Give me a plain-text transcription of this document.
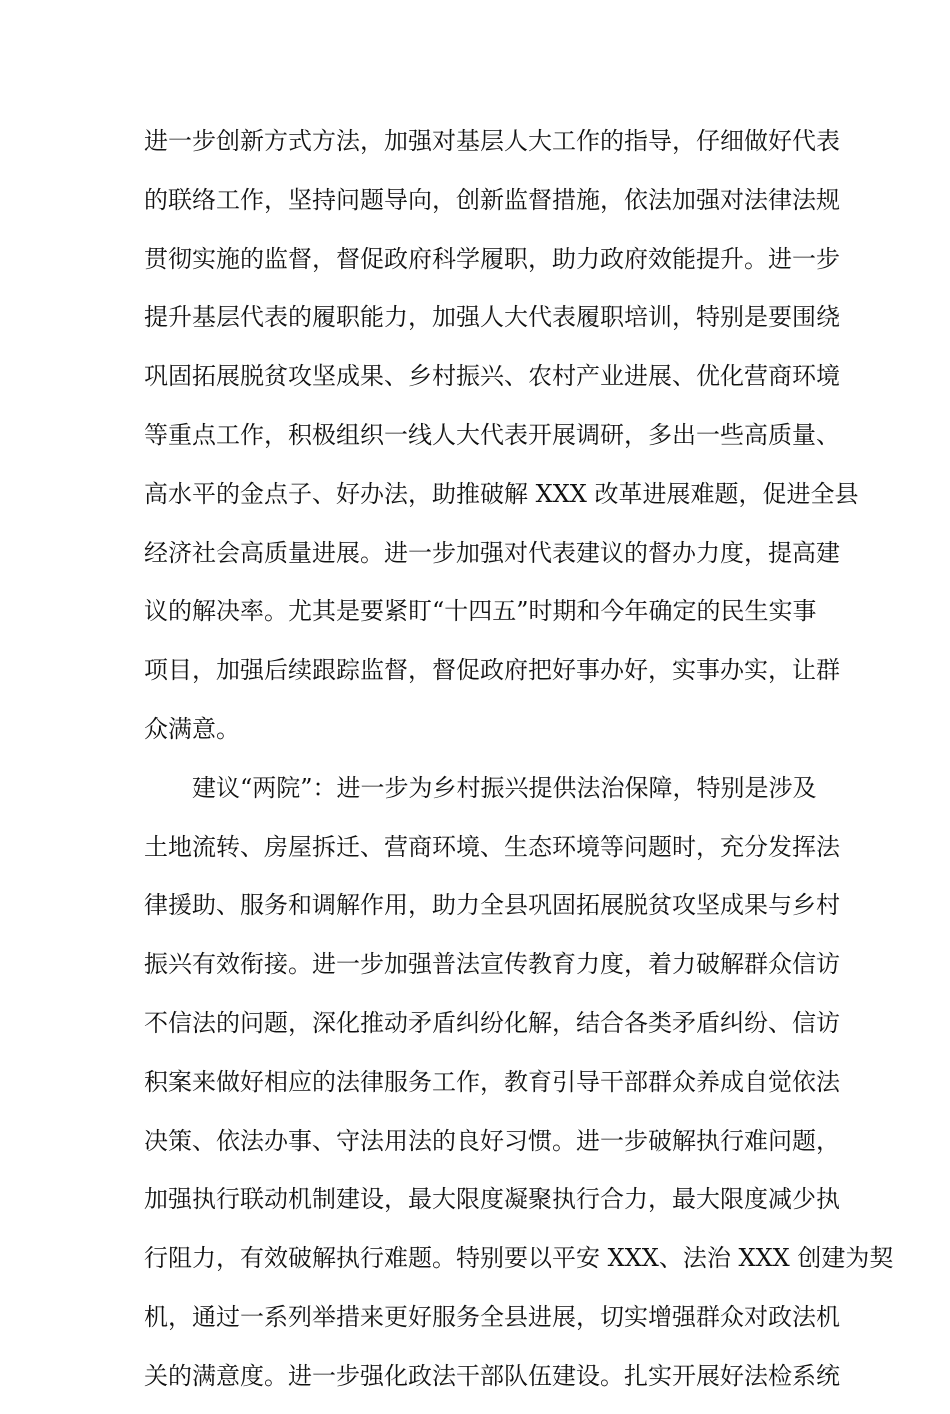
进一步创新方式方法，加强对基层人大工作的指导，仔细做好代表
的联络工作，坚持问题导向，创新监督措施，依法加强对法律法规
贯彻实施的监督，督促政府科学履职，助力政府效能提升。进一步
提升基层代表的履职能力，加强人大代表履职培训，特别是要围绕
巩固拓展脱贫攻坚成果、乡村振兴、农村产业进展、优化营商环境
等重点工作，积极组织一线人大代表开展调研，多出一些高质量、
高水平的金点子、好办法，助推破解 XXX 改革进展难题，促进全县
经济社会高质量进展。进一步加强对代表建议的督办力度，提高建
议的解决率。尤其是要紧盯“十四五”时期和今年确定的民生实事
项目，加强后续跟踪监督，督促政府把好事办好，实事办实，让群
众满意。
建议“两院”：进一步为乡村振兴提供法治保障，特别是涉及
土地流转、房屋拆迁、营商环境、生态环境等问题时，充分发挥法
律援助、服务和调解作用，助力全县巩固拓展脱贫攻坚成果与乡村
振兴有效衔接。进一步加强普法宣传教育力度，着力破解群众信访
不信法的问题，深化推动矛盾纠纷化解，结合各类矛盾纠纷、信访
积案来做好相应的法律服务工作，教育引导干部群众养成自觉依法
决策、依法办事、守法用法的良好习惯。进一步破解执行难问题，
加强执行联动机制建设，最大限度凝聚执行合力，最大限度减少执
行阻力，有效破解执行难题。特别要以平安 XXX、法治 XXX 创建为契
机，通过一系列举措来更好服务全县进展，切实增强群众对政法机
关的满意度。进一步强化政法干部队伍建设。扎实开展好法检系统
